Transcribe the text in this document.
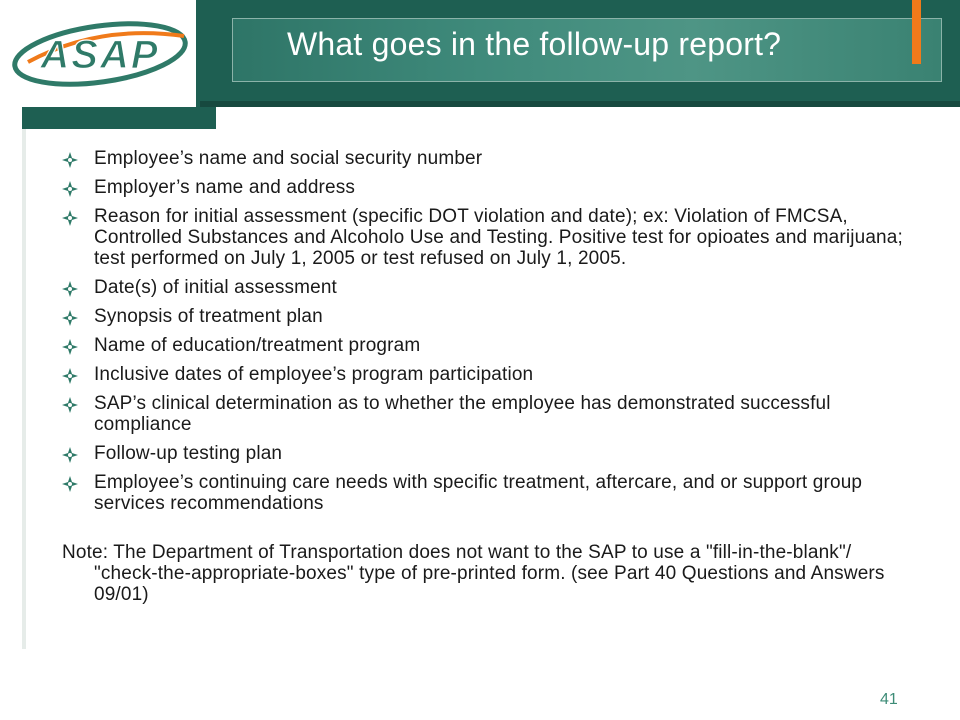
ASAP	What goes in the follow-up report?
Employee’s name and social security number
Employer’s name and address
Reason for initial assessment (specific DOT violation and date); ex: Violation of FMCSA, Controlled Substances and Alcoholo Use and Testing. Positive test for opioates and marijuana; test performed on July 1, 2005 or test refused on July 1, 2005.
Date(s) of initial assessment
Synopsis of treatment plan
Name of education/treatment program
Inclusive dates of employee’s program participation
SAP’s clinical determination as to whether the employee has demonstrated successful compliance
Follow-up testing plan
Employee’s continuing care needs with specific treatment, aftercare, and or support group services recommendations

Note: The Department of Transportation does not want to the SAP to use a "fill-in-the-blank"/ "check-the-appropriate-boxes" type of pre-printed form. (see Part 40 Questions and Answers 09/01)

41
